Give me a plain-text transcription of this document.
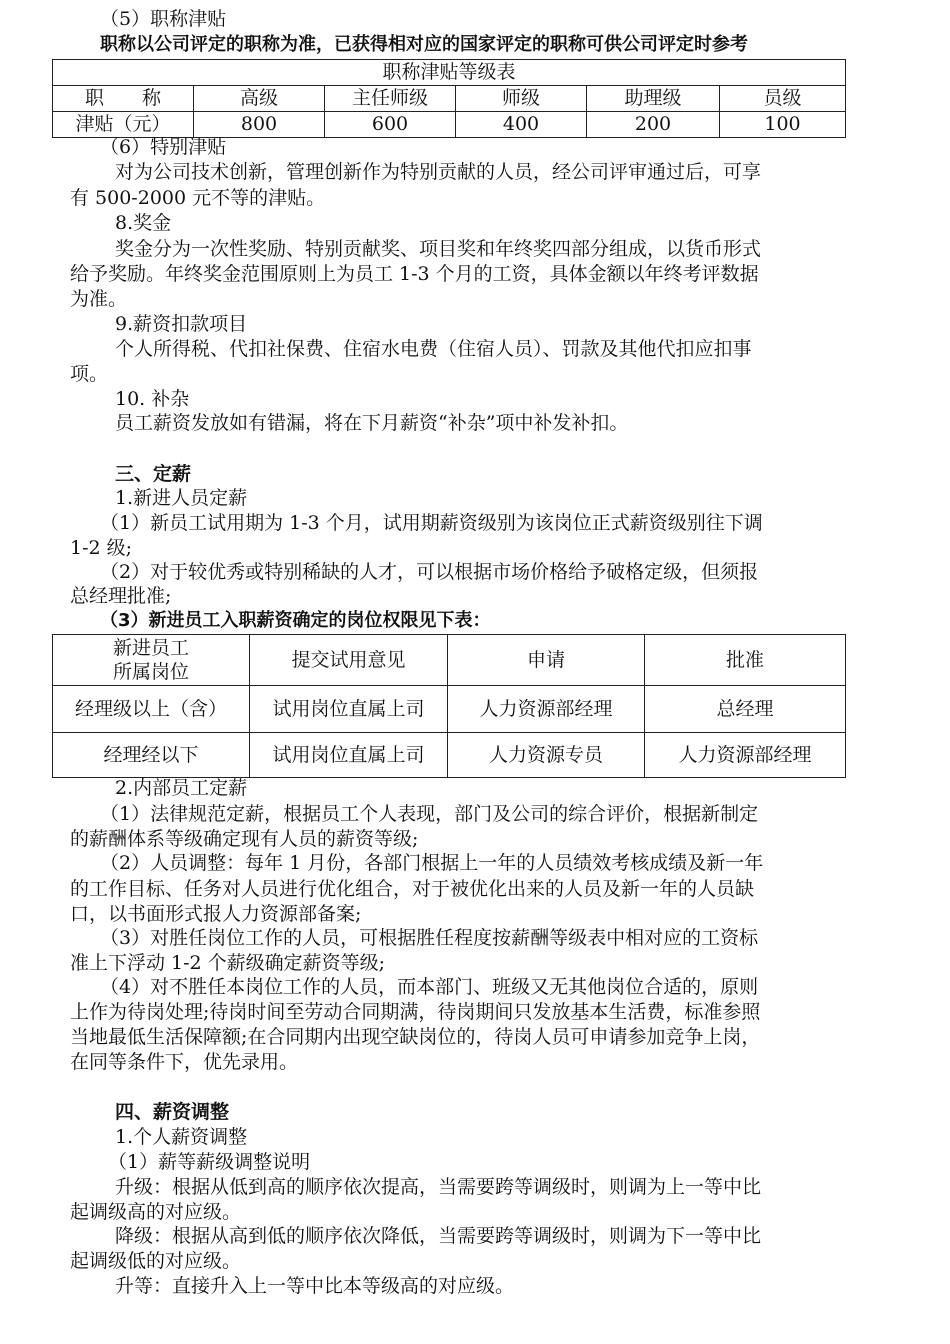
（5）职称津贴
职称以公司评定的职称为准，已获得相对应的国家评定的职称可供公司评定时参考
职称津贴等级表					
职　　称	高级	主任师级	师级	助理级	员级
津贴（元）	800	600	400	200	100
（6）特别津贴
对为公司技术创新，管理创新作为特别贡献的人员，经公司评审通过后，可享
有 500-2000 元不等的津贴。
8.奖金
奖金分为一次性奖励、特别贡献奖、项目奖和年终奖四部分组成，以货币形式
给予奖励。年终奖金范围原则上为员工 1-3 个月的工资，具体金额以年终考评数据
为准。
9.薪资扣款项目
个人所得税、代扣社保费、住宿水电费（住宿人员）、罚款及其他代扣应扣事
项。
10. 补杂
员工薪资发放如有错漏，将在下月薪资“补杂”项中补发补扣。
三、定薪
1.新进人员定薪
（1）新员工试用期为 1-3 个月，试用期薪资级别为该岗位正式薪资级别往下调
1-2 级;
（2）对于较优秀或特别稀缺的人才，可以根据市场价格给予破格定级，但须报
总经理批准;
（3）新进员工入职薪资确定的岗位权限见下表：
新进员工
所属岗位	提交试用意见	申请	批准
经理级以上（含）	试用岗位直属上司	人力资源部经理	总经理
经理经以下	试用岗位直属上司	人力资源专员	人力资源部经理
2.内部员工定薪
（1）法律规范定薪，根据员工个人表现，部门及公司的综合评价，根据新制定
的薪酬体系等级确定现有人员的薪资等级;
（2）人员调整：每年 1 月份，各部门根据上一年的人员绩效考核成绩及新一年
的工作目标、任务对人员进行优化组合，对于被优化出来的人员及新一年的人员缺
口，以书面形式报人力资源部备案;
（3）对胜任岗位工作的人员，可根据胜任程度按薪酬等级表中相对应的工资标
准上下浮动 1-2 个薪级确定薪资等级;
（4）对不胜任本岗位工作的人员，而本部门、班级又无其他岗位合适的，原则
上作为待岗处理;待岗时间至劳动合同期满，待岗期间只发放基本生活费，标准参照
当地最低生活保障额;在合同期内出现空缺岗位的，待岗人员可申请参加竞争上岗，
在同等条件下，优先录用。
四、薪资调整
1.个人薪资调整
（1）薪等薪级调整说明
升级：根据从低到高的顺序依次提高，当需要跨等调级时，则调为上一等中比
起调级高的对应级。
降级：根据从高到低的顺序依次降低，当需要跨等调级时，则调为下一等中比
起调级低的对应级。
升等：直接升入上一等中比本等级高的对应级。
